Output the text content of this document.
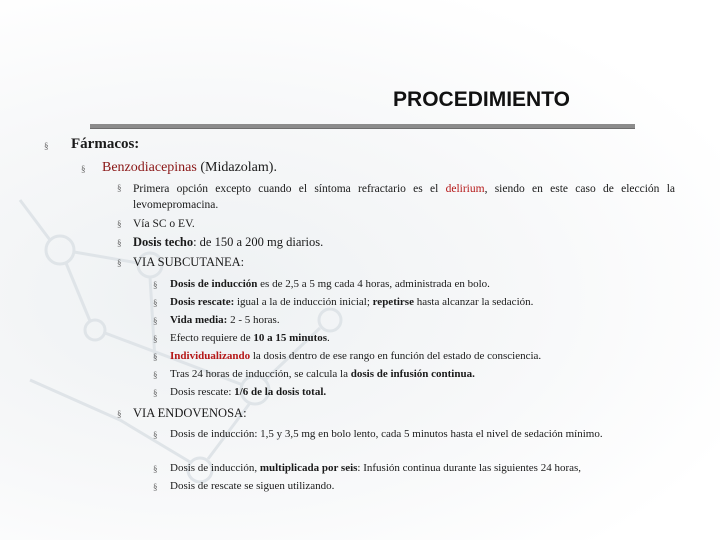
PROCEDIMIENTO
§ Fármacos:
§ Benzodiacepinas (Midazolam).
§ Primera opción excepto cuando el síntoma refractario es el delirium, siendo en este caso de elección la levomepromacina.
§ Vía SC o EV.
§ Dosis techo: de 150 a 200 mg diarios.
§ VIA SUBCUTANEA:
§ Dosis de inducción es de 2,5 a 5 mg cada 4 horas, administrada en bolo.
§ Dosis rescate: igual a la de inducción inicial; repetirse hasta alcanzar la sedación.
§ Vida media: 2 - 5 horas.
§ Efecto requiere de 10 a 15 minutos.
§ Individualizando la dosis dentro de ese rango en función del estado de consciencia.
§ Tras 24 horas de inducción, se calcula la dosis de infusión continua.
§ Dosis rescate: 1/6 de la dosis total.
§ VIA ENDOVENOSA:
§ Dosis de inducción: 1,5 y 3,5 mg en bolo lento, cada 5 minutos hasta el nivel de sedación mínimo.
§ Dosis de inducción, multiplicada por seis: Infusión continua durante las siguientes 24 horas,
§ Dosis de rescate se siguen utilizando.
